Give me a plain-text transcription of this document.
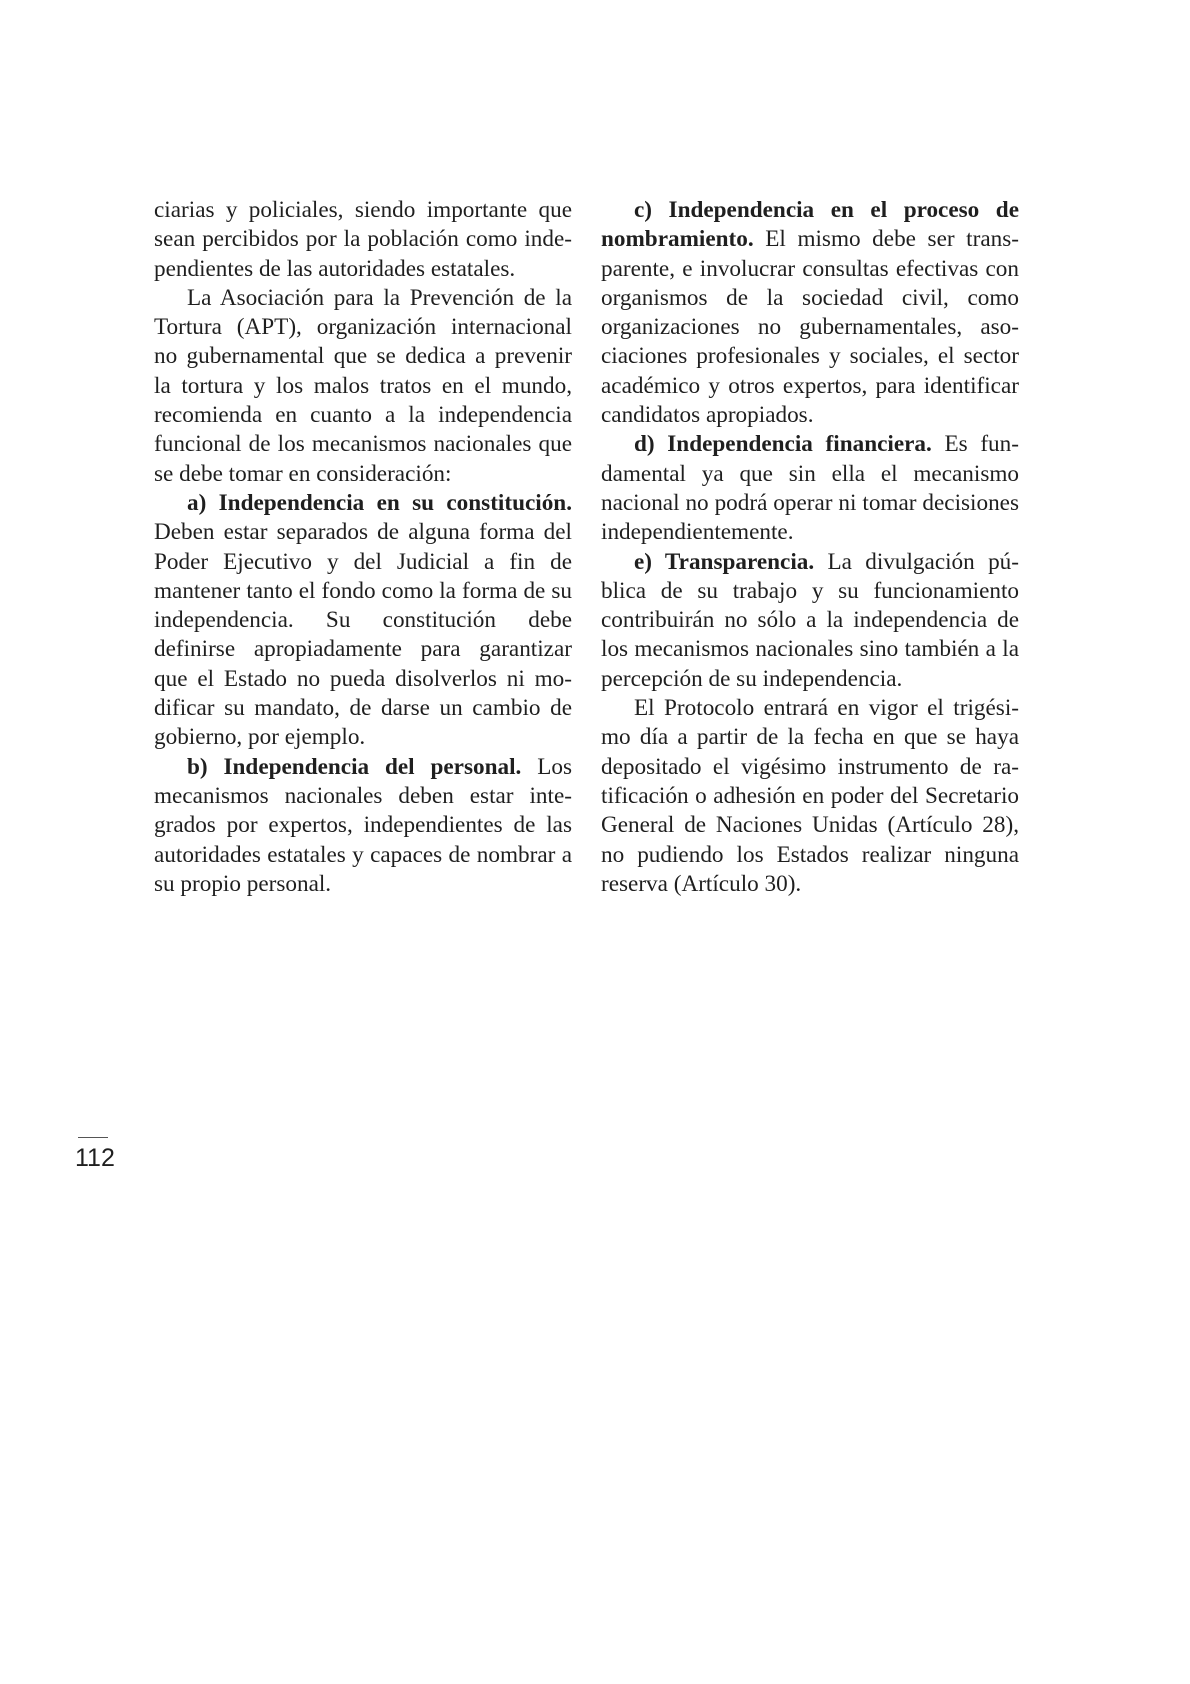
ciarias y policiales, siendo importante que sean percibidos por la población como independientes de las autoridades estatales.

La Asociación para la Prevención de la Tortura (APT), organización internacional no gubernamental que se dedica a prevenir la tortura y los malos tratos en el mundo, recomienda en cuanto a la independencia funcional de los mecanismos nacionales que se debe tomar en consideración:

a) Independencia en su constitución. Deben estar separados de alguna forma del Poder Ejecutivo y del Judicial a fin de mantener tanto el fondo como la forma de su independencia. Su constitución debe definirse apropiadamente para garantizar que el Estado no pueda disolverlos ni modificar su mandato, de darse un cambio de gobierno, por ejemplo.

b) Independencia del personal. Los mecanismos nacionales deben estar integrados por expertos, independientes de las autoridades estatales y capaces de nombrar a su propio personal.

c) Independencia en el proceso de nombramiento. El mismo debe ser transparente, e involucrar consultas efectivas con organismos de la sociedad civil, como organizaciones no gubernamentales, asociaciones profesionales y sociales, el sector académico y otros expertos, para identificar candidatos apropiados.

d) Independencia financiera. Es fundamental ya que sin ella el mecanismo nacional no podrá operar ni tomar decisiones independientemente.

e) Transparencia. La divulgación pública de su trabajo y su funcionamiento contribuirán no sólo a la independencia de los mecanismos nacionales sino también a la percepción de su independencia.

El Protocolo entrará en vigor el trigésimo día a partir de la fecha en que se haya depositado el vigésimo instrumento de ratificación o adhesión en poder del Secretario General de Naciones Unidas (Artículo 28), no pudiendo los Estados realizar ninguna reserva (Artículo 30).

112
